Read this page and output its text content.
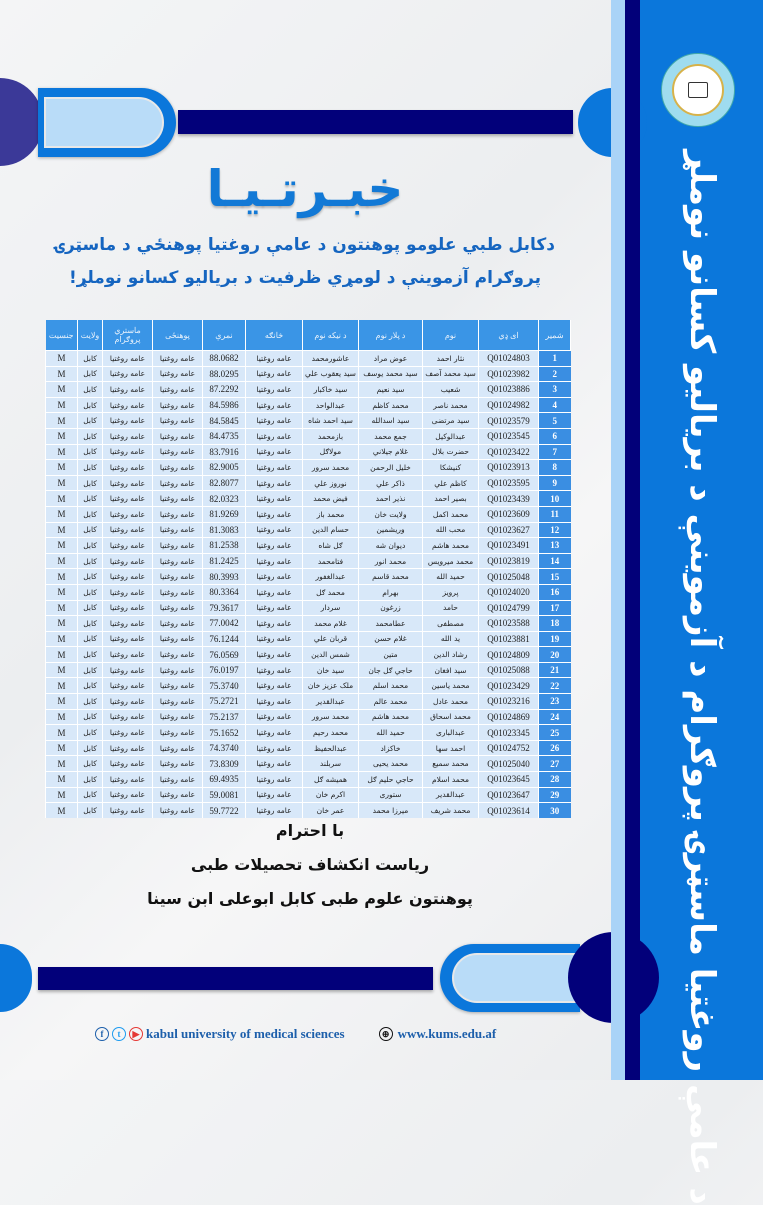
د عامې روغتیا ماسټرۍ پروګرام د آزموینې د بریالیو کسانو نوملړ
خبـرتـیـا
دکابل طبي علومو پوهنتون د عامې روغتیا پوهنځي د ماسټرۍ
پروګرام آزموینې د لومړي ظرفیت د بریالیو کسانو نوملړ!
شمیر	ای ډي	نوم	د پلار نوم	د نیکه نوم	څانګه	نمرې	پوهنځی	ماستري پروګرام	ولایت	جنسیت
1	Q01024803	نثار احمد	عوض مراد	عاشورمحمد	عامه روغتیا	88.0682	عامه روغتیا	عامه روغتیا	کابل	M
2	Q01023982	سید محمد آصف	سید محمد یوسف	سید یعقوب علي	عامه روغتیا	88.0295	عامه روغتیا	عامه روغتیا	کابل	M
3	Q01023886	شعیب	سید نعیم	سید خاکبار	عامه روغتیا	87.2292	عامه روغتیا	عامه روغتیا	کابل	M
4	Q01024982	محمد ناصر	محمد کاظم	عبدالواحد	عامه روغتیا	84.5986	عامه روغتیا	عامه روغتیا	کابل	M
5	Q01023579	سید مرتضی	سید اسدالله	سید احمد شاه	عامه روغتیا	84.5845	عامه روغتیا	عامه روغتیا	کابل	M
6	Q01023545	عبدالوکیل	جمع محمد	بازمحمد	عامه روغتیا	84.4735	عامه روغتیا	عامه روغتیا	کابل	M
7	Q01023422	حضرت بلال	غلام جیلاني	مولاګل	عامه روغتیا	83.7916	عامه روغتیا	عامه روغتیا	کابل	M
8	Q01023913	کنیشکا	خلیل الرحمن	محمد سرور	عامه روغتیا	82.9005	عامه روغتیا	عامه روغتیا	کابل	M
9	Q01023595	کاظم علي	ذاکر علي	نوروز علي	عامه روغتیا	82.8077	عامه روغتیا	عامه روغتیا	کابل	M
10	Q01023439	بصیر احمد	نذیر احمد	فیض محمد	عامه روغتیا	82.0323	عامه روغتیا	عامه روغتیا	کابل	M
11	Q01023609	محمد اکمل	ولایت خان	محمد باز	عامه روغتیا	81.9269	عامه روغتیا	عامه روغتیا	کابل	M
12	Q01023627	محب الله	وریشمین	حسام الدین	عامه روغتیا	81.3083	عامه روغتیا	عامه روغتیا	کابل	M
13	Q01023491	محمد هاشم	دیوان شه	ګل شاه	عامه روغتیا	81.2538	عامه روغتیا	عامه روغتیا	کابل	M
14	Q01023819	محمد میرویس	محمد انور	فتامحمد	عامه روغتیا	81.2425	عامه روغتیا	عامه روغتیا	کابل	M
15	Q01025048	حمید الله	محمد قاسم	عبدالغفور	عامه روغتیا	80.3993	عامه روغتیا	عامه روغتیا	کابل	M
16	Q01024020	پرویز	بهرام	محمد ګل	عامه روغتیا	80.3364	عامه روغتیا	عامه روغتیا	کابل	M
17	Q01024799	حامد	زرغون	سردار	عامه روغتیا	79.3617	عامه روغتیا	عامه روغتیا	کابل	M
18	Q01023588	مصطفی	عطامحمد	غلام محمد	عامه روغتیا	77.0042	عامه روغتیا	عامه روغتیا	کابل	M
19	Q01023881	ید الله	غلام حسن	قربان علي	عامه روغتیا	76.1244	عامه روغتیا	عامه روغتیا	کابل	M
20	Q01024809	رشاد الدین	متین	شمس الدین	عامه روغتیا	76.0569	عامه روغتیا	عامه روغتیا	کابل	M
21	Q01025088	سید افغان	حاجي ګل جان	سید خان	عامه روغتیا	76.0197	عامه روغتیا	عامه روغتیا	کابل	M
22	Q01023429	محمد یاسین	محمد اسلم	ملک عزیز خان	عامه روغتیا	75.3740	عامه روغتیا	عامه روغتیا	کابل	M
23	Q01023216	محمد عادل	محمد عالم	عبدالقدیر	عامه روغتیا	75.2721	عامه روغتیا	عامه روغتیا	کابل	M
24	Q01024869	محمد اسحاق	محمد هاشم	محمد سرور	عامه روغتیا	75.2137	عامه روغتیا	عامه روغتیا	کابل	M
25	Q01023345	عبدالباری	حمید الله	محمد رحیم	عامه روغتیا	75.1652	عامه روغتیا	عامه روغتیا	کابل	M
26	Q01024752	احمد سها	خاکزاد	عبدالحفیظ	عامه روغتیا	74.3740	عامه روغتیا	عامه روغتیا	کابل	M
27	Q01025040	محمد سمیع	محمد یحیی	سربلند	عامه روغتیا	73.8309	عامه روغتیا	عامه روغتیا	کابل	M
28	Q01023645	محمد اسلام	حاجي حلیم ګل	همیشه ګل	عامه روغتیا	69.4935	عامه روغتیا	عامه روغتیا	کابل	M
29	Q01023647	عبدالقدیر	ستوری	اکرم خان	عامه روغتیا	59.0081	عامه روغتیا	عامه روغتیا	کابل	M
30	Q01023614	محمد شریف	میرزا محمد	عمر خان	عامه روغتیا	59.7722	عامه روغتیا	عامه روغتیا	کابل	M
با احترام
ریاست انکشاف تحصیلات طبی
پوهنتون علوم طبی کابل ابوعلی ابن سینا
f	t	▶ kabul university of medical sciences	⊕ www.kums.edu.af
